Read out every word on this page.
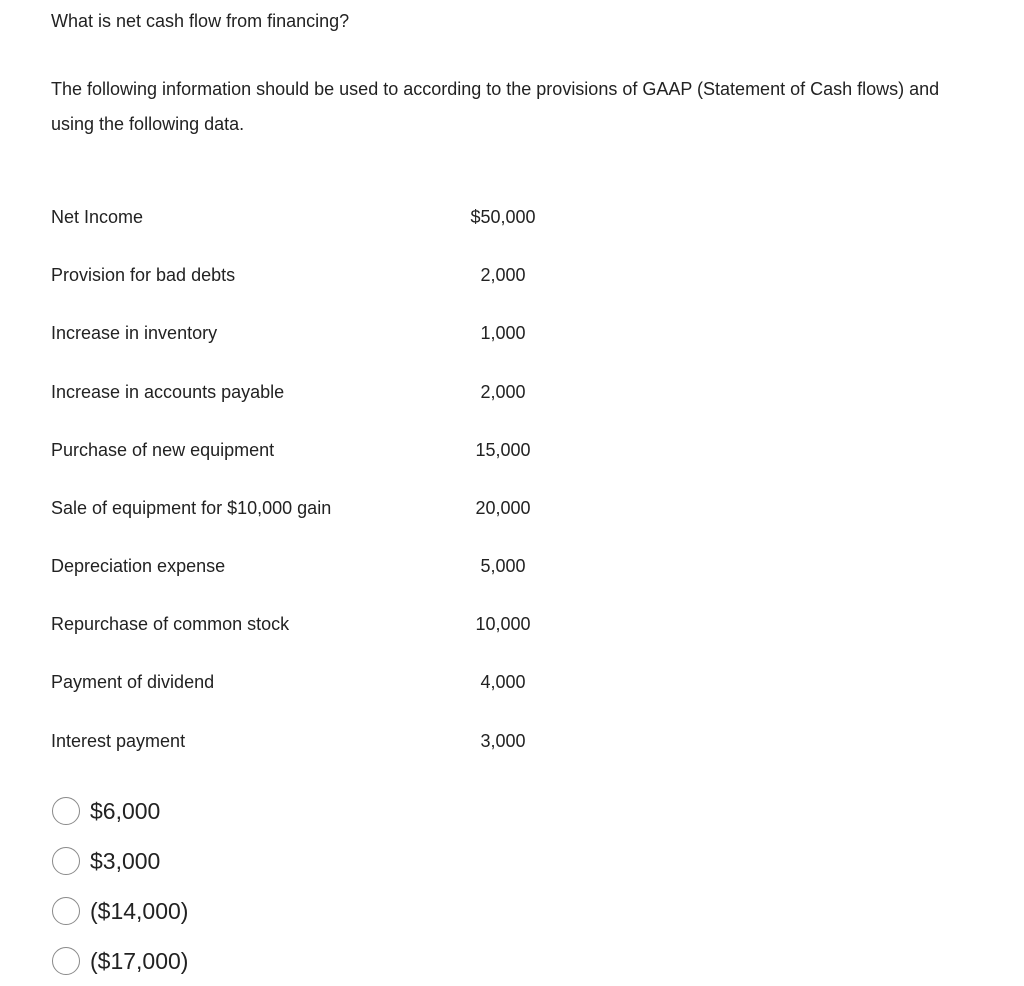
What is net cash flow from financing?
The following information should be used to according to the provisions of GAAP (Statement of Cash flows) and using the following data.
Net Income	$50,000
Provision for bad debts	2,000
Increase in inventory	1,000
Increase in accounts payable	2,000
Purchase of new equipment	15,000
Sale of equipment for $10,000 gain	20,000
Depreciation expense	5,000
Repurchase of common stock	10,000
Payment of dividend	4,000
Interest payment	3,000
$6,000
$3,000
($14,000)
($17,000)
